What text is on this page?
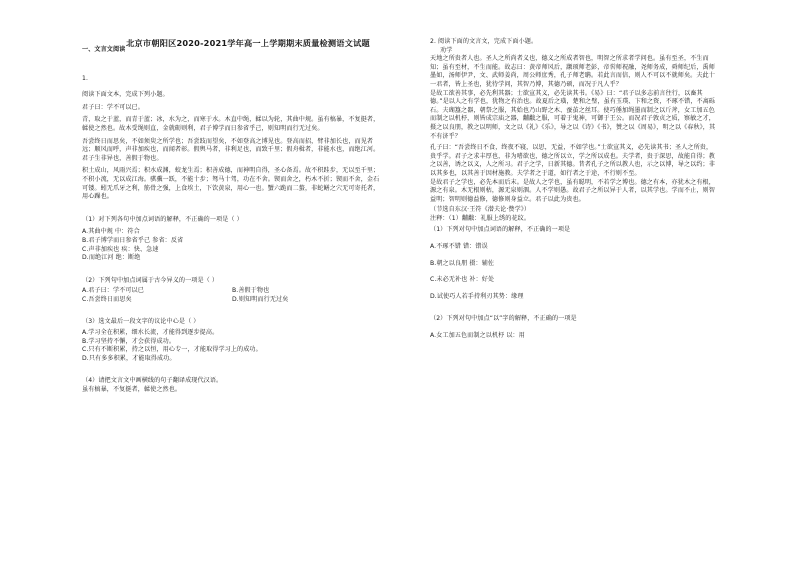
北京市朝阳区2020-2021学年高一上学期期末质量检测语文试题

一、文言文阅读

1.

阅读下面文本，完成下列小题。

君子曰：学不可以已。

青，取之于蓝，而青于蓝；冰，水为之，而寒于水。木直中绳，輮以为轮，其曲中规。虽有槁暴，不复挺者，輮使之然也。故木受绳则直，金就砺则利，君子博学而日参省乎己，则知明而行无过矣。

吾尝终日而思矣，不如须臾之所学也；吾尝跂而望矣，不如登高之博见也。登高而招，臂非加长也，而见者远；顺风而呼，声非加疾也，而闻者彰。假舆马者，非利足也，而致千里；假舟楫者，非能水也，而绝江河。君子生非异也，善假于物也。

积土成山，风雨兴焉；积水成渊，蛟龙生焉；积善成德，而神明自得，圣心备焉。故不积跬步，无以至千里；不积小流，无以成江海。骐骥一跃，不能十步；驽马十驾，功在不舍。锲而舍之，朽木不折；锲而不舍，金石可镂。蚓无爪牙之利，筋骨之强，上食埃土，下饮黄泉，用心一也。蟹六跪而二螯，非蛇鳝之穴无可寄托者，用心躁也。

（1）对下列各句中加点词语的解释，不正确的一项是（ ）

A.其曲中规 中：符合

B.君子博学而日参省乎己 参省：反省

C.声非加疾也 疾：快、急速

D.而绝江河 绝：断绝

（2）下列句中加点词属于古今异义的一项是（ ）

A.君子曰：学不可以已	B.善假于物也
C.吾尝终日而思矣	D.则知明而行无过矣

（3）选文最后一段文字的议论中心是（ ）

A.学习全在积累，细水长流，才能得到逐步提高。

B.学习坚持不懈，才会获得成功。

C.只有不断积累，持之以恒，用心专一，才能取得学习上的成功。

D.只有多多积累，才能取得成功。

（4）请把文言文中画横线的句子翻译成现代汉语。

虽有槁暴，不复挺者，輮使之然也。

2. 阅读下面的文言文，完成下面小题。

劝学

天地之所贵者人也。圣人之所尚者义也，德义之所成者智也，明智之所求者学问也。虽有至圣，不生而知；虽有至材，不生而能。故志曰：黄帝师风后，颛顼师老彭，帝喾师祝融，尧师务成，舜师纪后，禹师墨如，汤师伊尹，文、武师姜尚，周公师庶秀，孔子师老聃。若此言而信，则人不可以不就师矣。夫此十一君者，皆上圣也，犹待学问，其智乃博，其德乃硕，而况于凡人乎？

是故工欲善其事，必先利其器；士欲宣其义，必先读其书。《易》曰：“君子以多志前言往行，以畜其德。”是以人之有学也，犹物之有治也。故夏后之璜，楚和之璧，虽有玉璞、卞和之资，不琢不错，不离砾石。夫瑚簋之器，朝祭之服，其始也乃山野之木、蚕茧之丝耳。使巧倕加绳墨而制之以斤斧，女工加五色而制之以机杼，则皆成宗庙之器，黼黻之服，可着于鬼神，可御于王公。而况君子敦贞之质，察敏之才，摄之以良朋，教之以明师，文之以《礼》《乐》，导之以《诗》《书》，赞之以《周易》，明之以《春秋》，其不有济乎？

孔子曰：“吾尝终日不食，终夜不寝，以思，无益，不如学也。”士欲宣其义，必先读其书；圣人之所贵，贵乎学。君子之求丰厚也，非为嗜欲也，德之所以立，学之所以成也。夫学者，贵于深思，故能自得；教之以善，诱之以义，人之所习。君子之学，日新其德。昔者孔子之所以教人也，示之以博，导之以约；非以其多也，以其善于因材施教。夫学者之于道，如行者之于途，不行则不至。

是故君子之学也，必先本而后末。是故人之学也，虽有聪明，不若学之博也。德之有本，亦犹木之有根，源之有泉。木无根则枯，源无泉则涸。人不学则愚。故君子之所以异于人者，以其学也。学而不止，则智益明；智明则德益修，德修则身益立。君子以此为贵也。

（节选自东汉·王符《潜夫论·赞学》）

注释：（1）黼黻：礼服上绣的花纹。

（1）下列对句中加点词语的解释，不正确的一项是

A.不琢不错 错：错误

B.朝之以良朋 摄：辅佐

C.未必无补也 补：好处

D.试使巧人若手持利刃其势：缘理

（2）下列对句中加点“以”字的解释，不正确的一项是

A.女工加五色而制之以机杼 以：用
